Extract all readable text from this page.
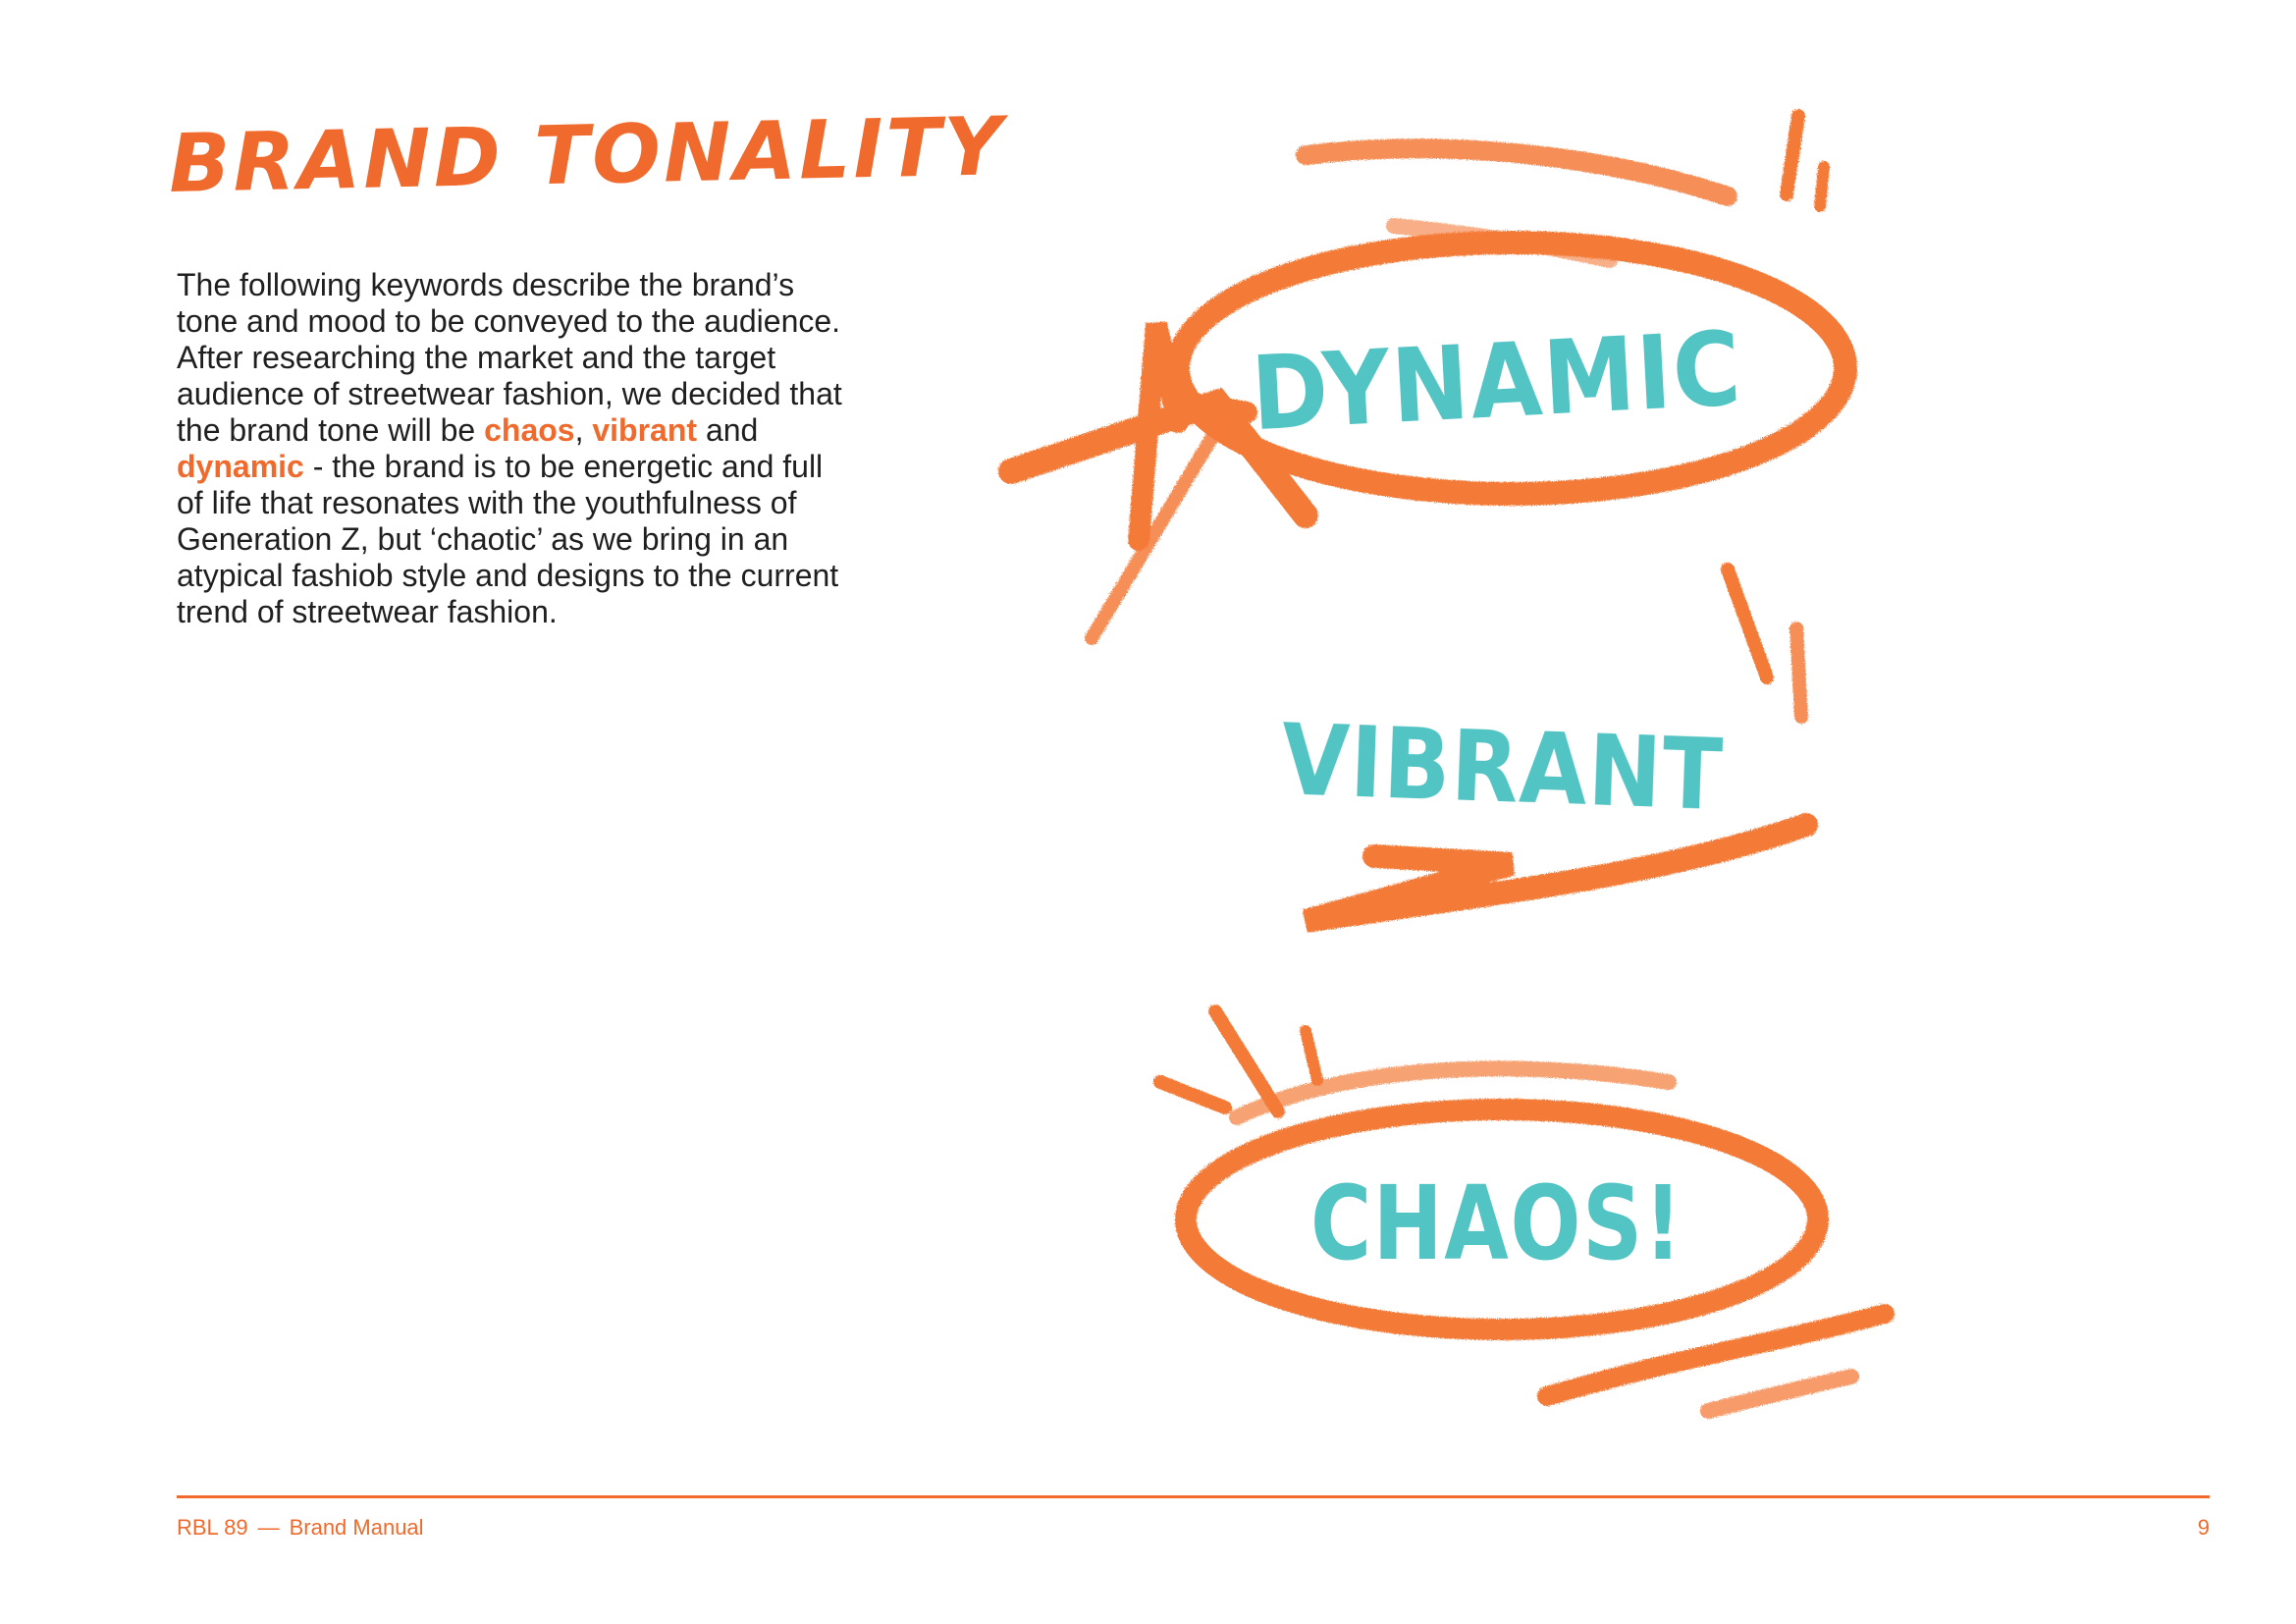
BRAND TONALITY

The following keywords describe the brand’s tone and mood to be conveyed to the audience. After researching the market and the target audience of streetwear fashion, we decided that the brand tone will be chaos, vibrant and dynamic - the brand is to be energetic and full of life that resonates with the youthfulness of Generation Z, but ‘chaotic’ as we bring in an atypical fashiob style and designs to the current trend of streetwear fashion.

DYNAMIC
VIBRANT
CHAOS!
RBL 89 — Brand Manual	9
